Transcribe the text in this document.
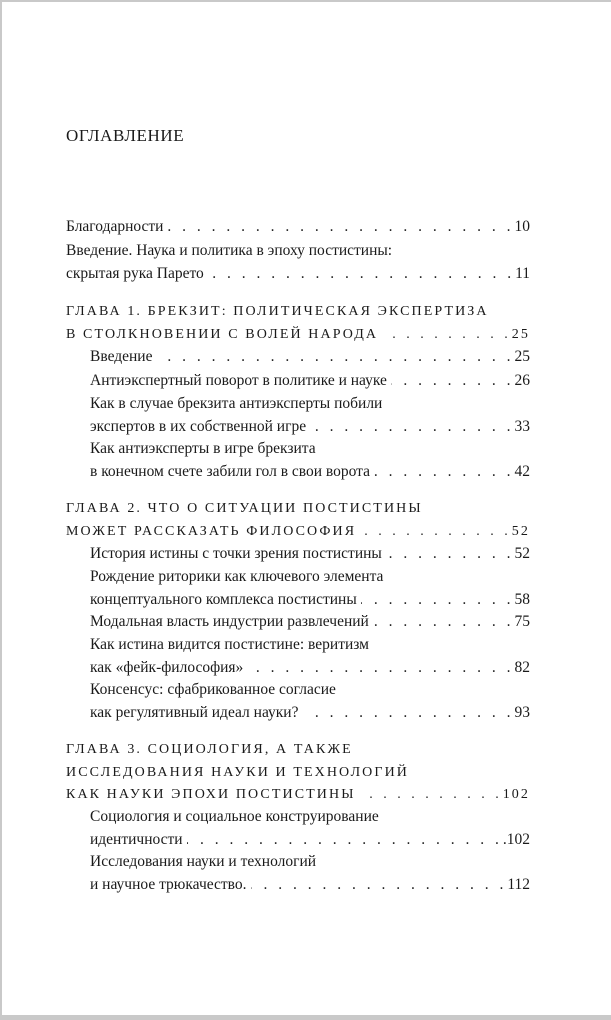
ОГЛАВЛЕНИЕ
Благодарности . . .	10
Введение. Наука и политика в эпоху постистины:
скрытая рука Парето . . .	11
ГЛАВА 1. БРЕКЗИТ: ПОЛИТИЧЕСКАЯ ЭКСПЕРТИЗА
В СТОЛКНОВЕНИИ С ВОЛЕЙ НАРОДА . . .	25
Введение . . .	25
Антиэкспертный поворот в политике и науке . . .	26
Как в случае брекзита антиэксперты побили
экспертов в их собственной игре . . .	33
Как антиэксперты в игре брекзита
в конечном счете забили гол в свои ворота . . .	42
ГЛАВА 2. ЧТО О СИТУАЦИИ ПОСТИСТИНЫ
МОЖЕТ РАССКАЗАТЬ ФИЛОСОФИЯ . . .	52
История истины с точки зрения постистины . . .	52
Рождение риторики как ключевого элемента
концептуального комплекса постистины . . .	58
Модальная власть индустрии развлечений . . .	75
Как истина видится постистине: веритизм
как «фейк-философия» . . .	82
Консенсус: сфабрикованное согласие
как регулятивный идеал науки? . . .	93
ГЛАВА 3. СОЦИОЛОГИЯ, А ТАКЖЕ
ИССЛЕДОВАНИЯ НАУКИ И ТЕХНОЛОГИЙ
КАК НАУКИ ЭПОХИ ПОСТИСТИНЫ . . .	102
Социология и социальное конструирование
идентичности . . .	.102
Исследования науки и технологий
и научное трюкачество. . . .	112
